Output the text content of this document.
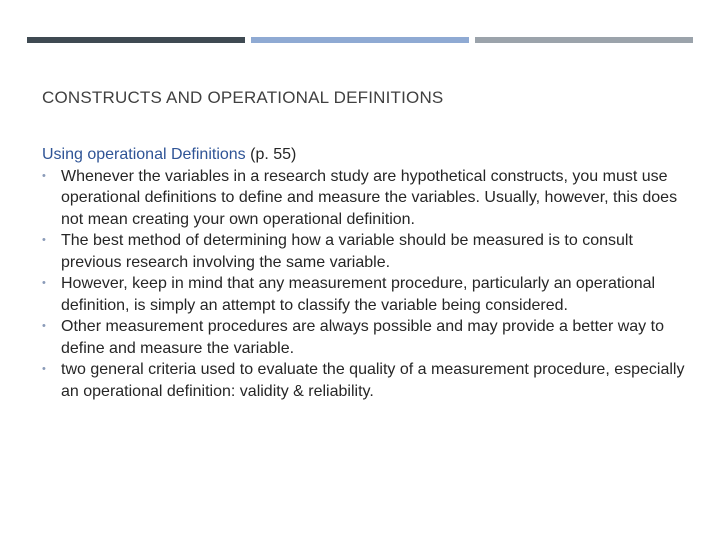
CONSTRUCTS AND OPERATIONAL DEFINITIONS

Using operational Definitions (p. 55)

• Whenever the variables in a research study are hypothetical constructs, you must use operational definitions to define and measure the variables. Usually, however, this does not mean creating your own operational definition.
• The best method of determining how a variable should be measured is to consult previous research involving the same variable.
• However, keep in mind that any measurement procedure, particularly an operational definition, is simply an attempt to classify the variable being considered.
• Other measurement procedures are always possible and may provide a better way to define and measure the variable.
• two general criteria used to evaluate the quality of a measurement procedure, especially an operational definition: validity & reliability.
